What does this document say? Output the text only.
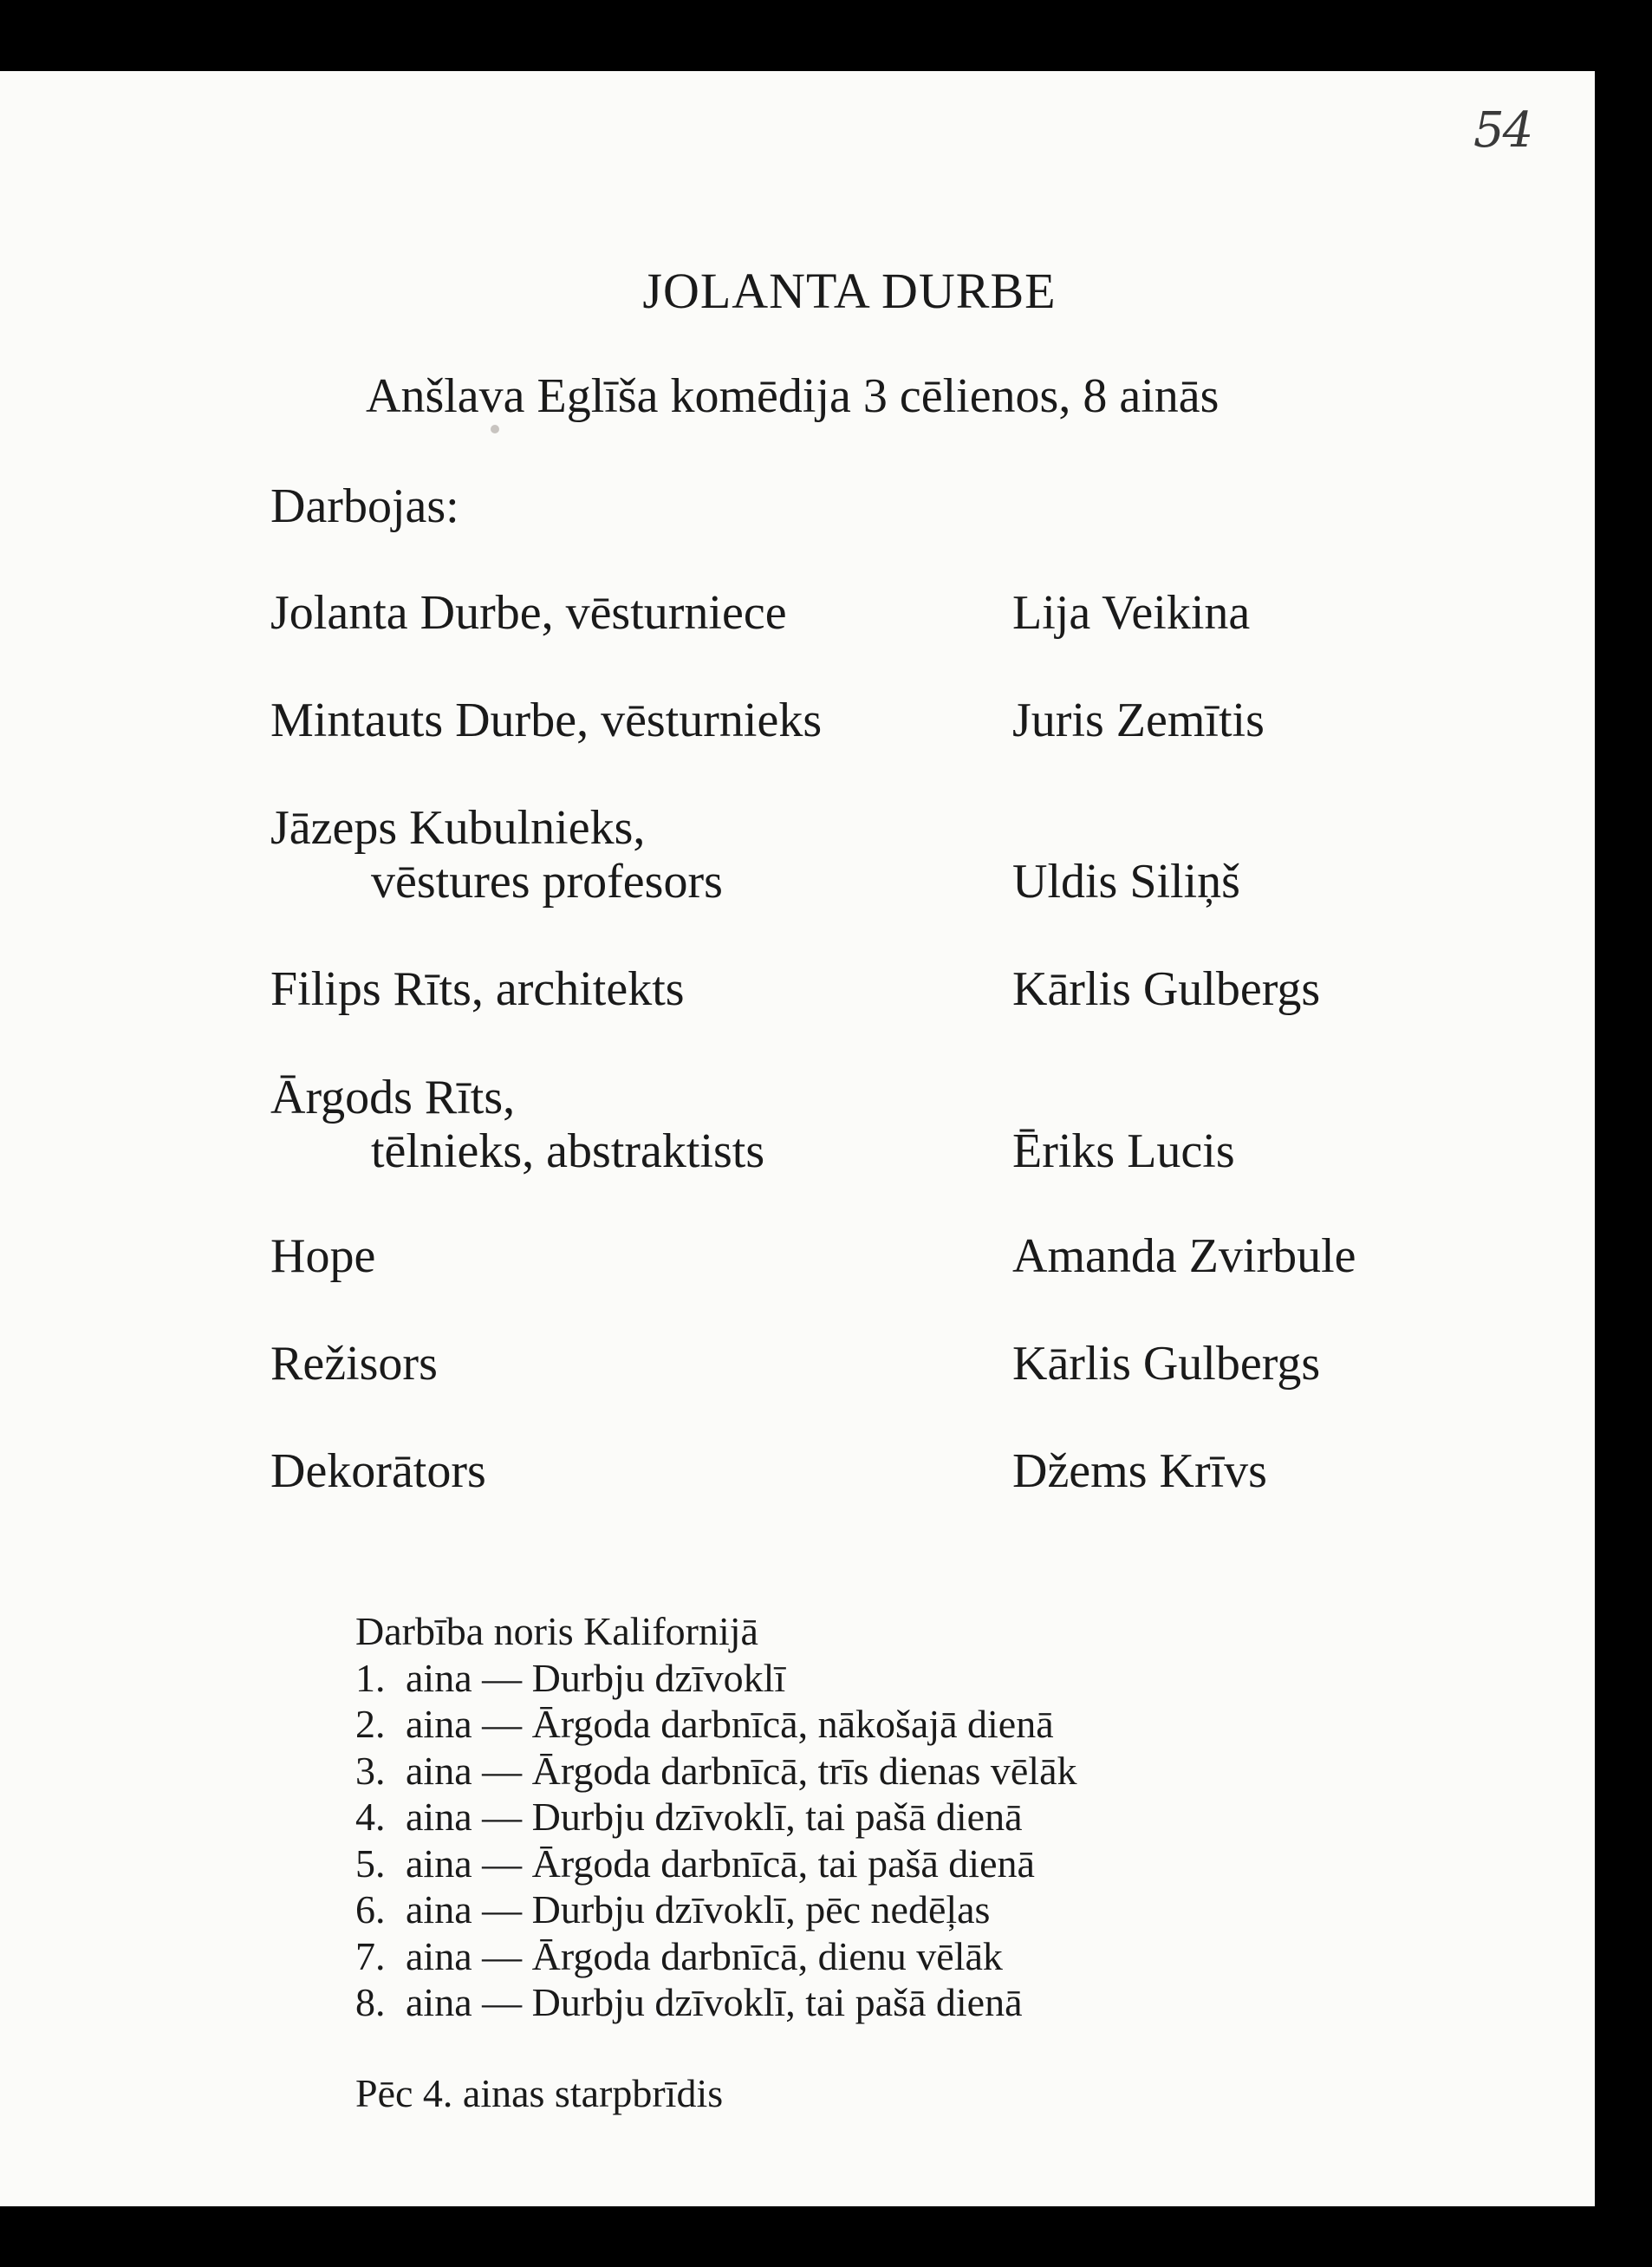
54
JOLANTA DURBE
Anšlava Eglīša komēdija 3 cēlienos, 8 ainās
Darbojas:
Jolanta Durbe, vēsturniece	Lija Veikina
Mintauts Durbe, vēsturnieks	Juris Zemītis
Jāzeps Kubulnieks,
vēstures profesors	Uldis Siliņš
Filips Rīts, architekts	Kārlis Gulbergs
Ārgods Rīts,
tēlnieks, abstraktists	Ēriks Lucis
Hope	Amanda Zvirbule
Režisors	Kārlis Gulbergs
Dekorātors	Džems Krīvs
Darbība noris Kalifornijā
1. aina — Durbju dzīvoklī
2. aina — Ārgoda darbnīcā, nākošajā dienā
3. aina — Ārgoda darbnīcā, trīs dienas vēlāk
4. aina — Durbju dzīvoklī, tai pašā dienā
5. aina — Ārgoda darbnīcā, tai pašā dienā
6. aina — Durbju dzīvoklī, pēc nedēļas
7. aina — Ārgoda darbnīcā, dienu vēlāk
8. aina — Durbju dzīvoklī, tai pašā dienā
Pēc 4. ainas starpbrīdis
